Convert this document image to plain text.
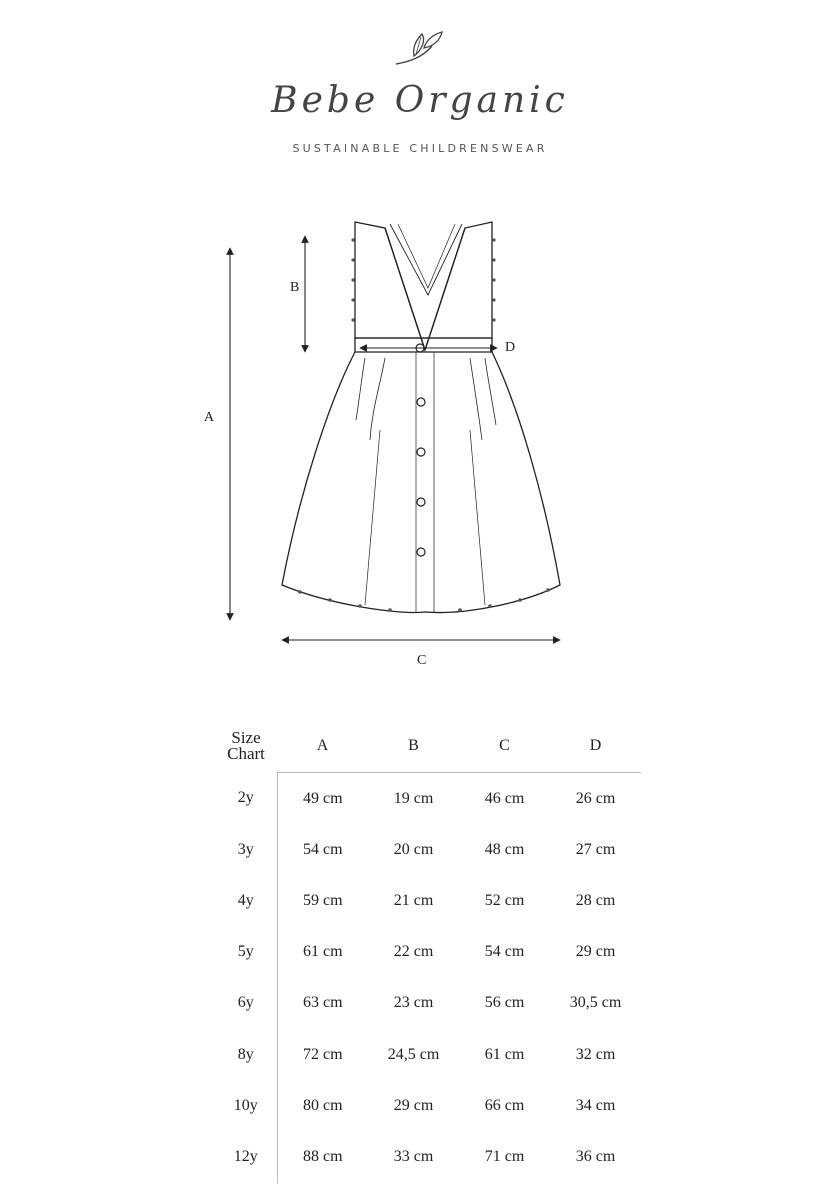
Bebe Organic
SUSTAINABLE CHILDRENSWEAR
A
B
C
D
Size
Chart	A	B	C	D
2y	49 cm	19 cm	46 cm	26 cm
3y	54 cm	20 cm	48 cm	27 cm
4y	59 cm	21 cm	52 cm	28 cm
5y	61 cm	22 cm	54 cm	29 cm
6y	63 cm	23 cm	56 cm	30,5 cm
8y	72 cm	24,5 cm	61 cm	32 cm
10y	80 cm	29 cm	66 cm	34 cm
12y	88 cm	33 cm	71 cm	36 cm
